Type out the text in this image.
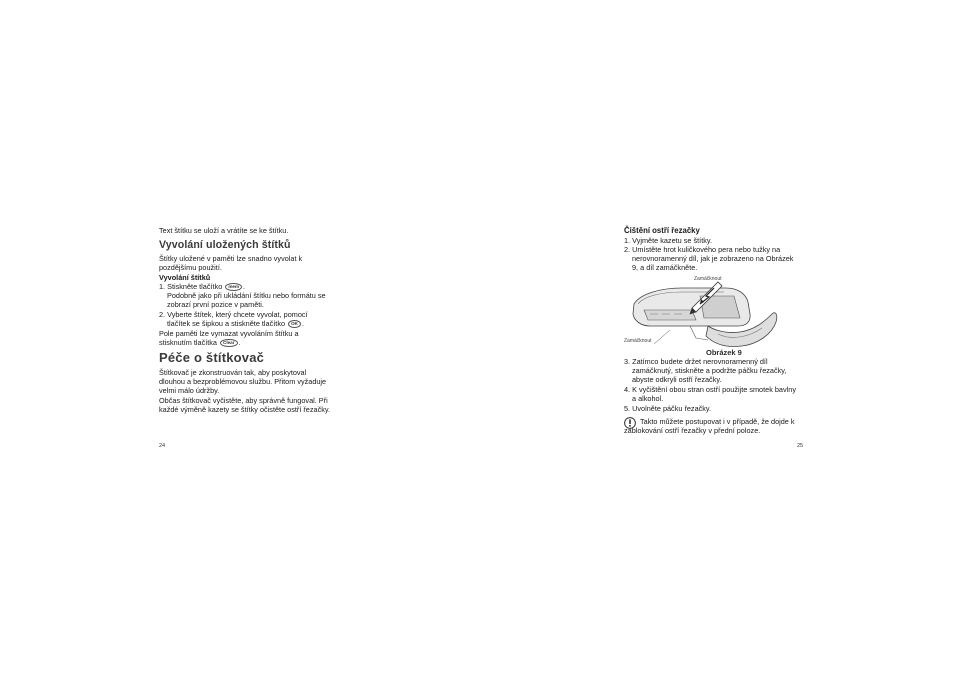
Text štítku se uloží a vrátíte se ke štítku.
Vyvolání uložených štítků
Štítky uložené v paměti lze snadno vyvolat k
pozdějšímu použití.
Vyvolání štítků
1. Stiskněte tlačítko mem .
Podobně jako při ukládání štítku nebo formátu se
zobrazí první pozice v paměti.
2. Vyberte štítek, který chcete vyvolat, pomocí
tlačítek se šipkou a stiskněte tlačítko OK .
Pole paměti lze vymazat vyvoláním štítku a
stisknutím tlačítka Clear .
Péče o štítkovač
Štítkovač je zkonstruován tak, aby poskytoval
dlouhou a bezproblémovou službu. Přitom vyžaduje
velmi málo údržby.
Občas štítkovač vyčistěte, aby správně fungoval. Při
každé výměně kazety se štítky očistěte ostří řezačky.
24
Čištění ostří řezačky
1. Vyjměte kazetu se štítky.
2. Umístěte hrot kuličkového pera nebo tužky na
nerovnoramenný díl, jak je zobrazeno na Obrázek
9, a díl zamáčkněte.
Zamáčknout
Zamáčknout
Obrázek 9
3. Zatímco budete držet nerovnoramenný díl
zamáčknutý, stiskněte a podržte páčku řezačky,
abyste odkryli ostří řezačky.
4. K vyčištění obou stran ostří použijte smotek bavlny
a alkohol.
5. Uvolněte páčku řezačky.
Takto můžete postupovat i v případě, že dojde k
zablokování ostří řezačky v přední poloze.
25
